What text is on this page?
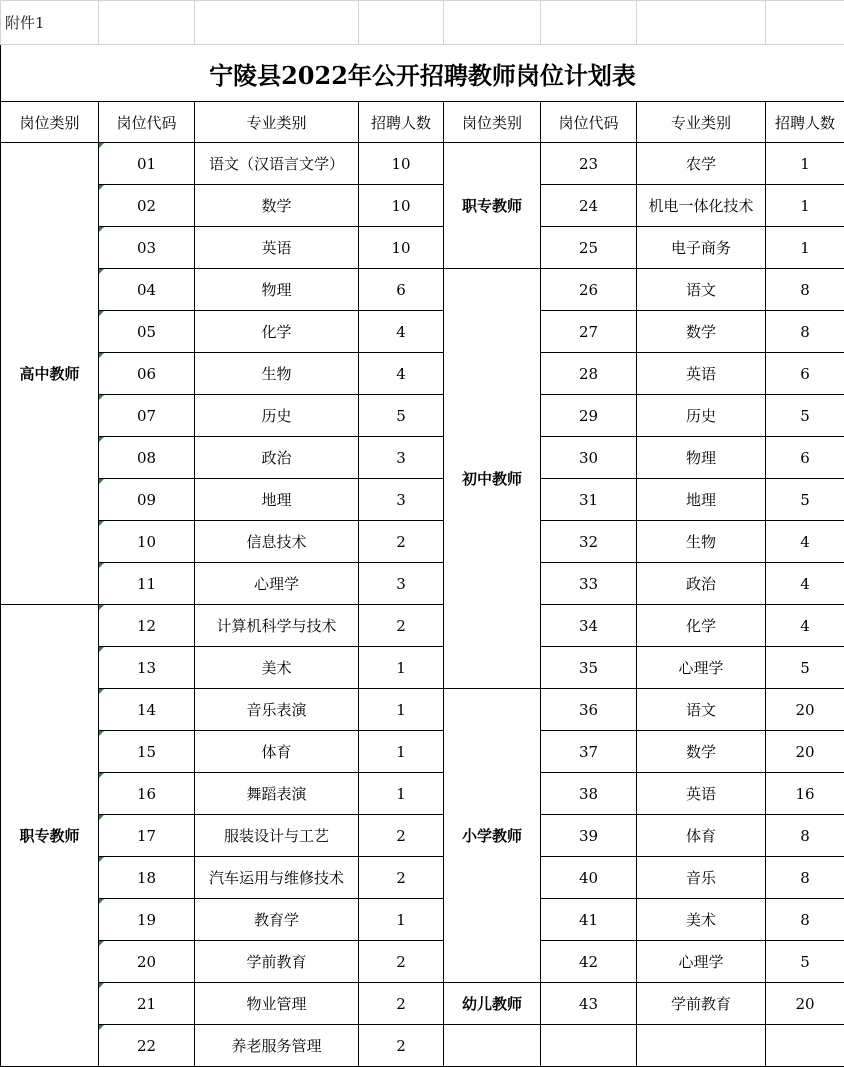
附件1							
宁陵县2022年公开招聘教师岗位计划表							
岗位类别	岗位代码	专业类别	招聘人数	岗位类别	岗位代码	专业类别	招聘人数
高中教师	01	语文（汉语言文学）	10	职专教师	23	农学	1
	02	数学	10		24	机电一体化技术	1
	03	英语	10		25	电子商务	1
	04	物理	6	初中教师	26	语文	8
	05	化学	4		27	数学	8
	06	生物	4		28	英语	6
	07	历史	5		29	历史	5
	08	政治	3		30	物理	6
	09	地理	3		31	地理	5
	10	信息技术	2		32	生物	4
	11	心理学	3		33	政治	4
职专教师	12	计算机科学与技术	2		34	化学	4
	13	美术	1		35	心理学	5
	14	音乐表演	1	小学教师	36	语文	20
	15	体育	1		37	数学	20
	16	舞蹈表演	1		38	英语	16
	17	服装设计与工艺	2		39	体育	8
	18	汽车运用与维修技术	2		40	音乐	8
	19	教育学	1		41	美术	8
	20	学前教育	2		42	心理学	5
	21	物业管理	2	幼儿教师	43	学前教育	20
	22	养老服务管理	2				
